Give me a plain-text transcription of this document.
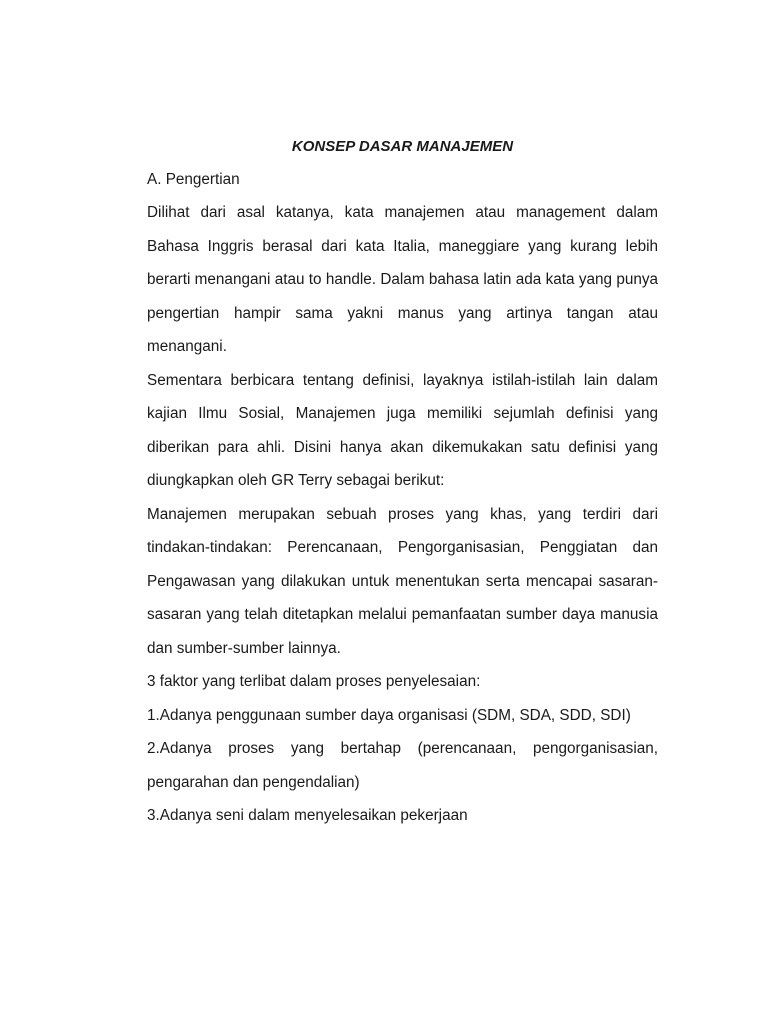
KONSEP DASAR MANAJEMEN

A. Pengertian

Dilihat dari asal katanya, kata manajemen atau management dalam Bahasa Inggris berasal dari kata Italia, maneggiare yang kurang lebih berarti menangani atau to handle. Dalam bahasa latin ada kata yang punya pengertian hampir sama yakni manus yang artinya tangan atau menangani.

Sementara berbicara tentang definisi, layaknya istilah-istilah lain dalam kajian Ilmu Sosial, Manajemen juga memiliki sejumlah definisi yang diberikan para ahli. Disini hanya akan dikemukakan satu definisi yang diungkapkan oleh GR Terry sebagai berikut:

Manajemen merupakan sebuah proses yang khas, yang terdiri dari tindakan-tindakan: Perencanaan, Pengorganisasian, Penggiatan dan Pengawasan yang dilakukan untuk menentukan serta mencapai sasaran-sasaran yang telah ditetapkan melalui pemanfaatan sumber daya manusia dan sumber-sumber lainnya.

3 faktor yang terlibat dalam proses penyelesaian:

1.Adanya penggunaan sumber daya organisasi (SDM, SDA, SDD, SDI)

2.Adanya proses yang bertahap (perencanaan, pengorganisasian, pengarahan dan pengendalian)

3.Adanya seni dalam menyelesaikan pekerjaan
